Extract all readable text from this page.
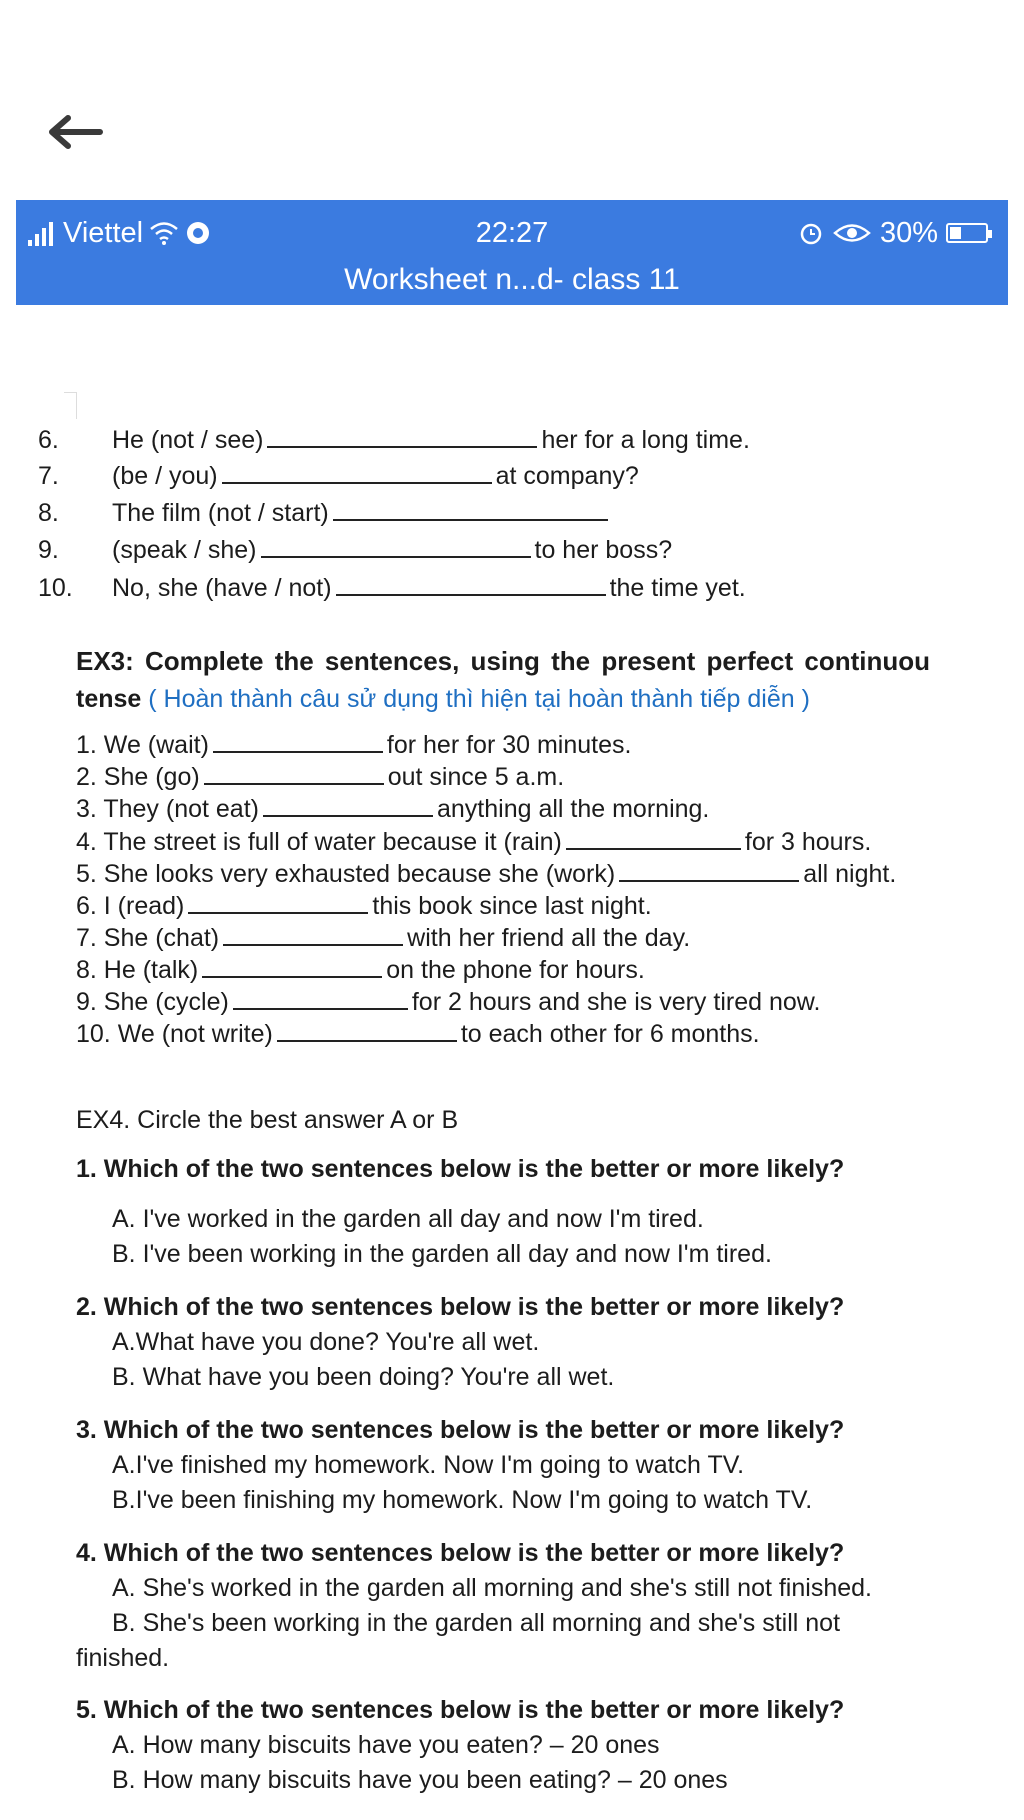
Viettel	22:27	30%
Worksheet n...d- class 11
6. He (not / see)	her for a long time.
7. (be / you)	at company?
8. The film (not / start)
9. (speak / she)	to her boss?
10. No, she (have / not)	the time yet.
EX3: Complete the sentences, using the present perfect continuou
tense ( Hoàn thành câu sử dụng thì hiện tại hoàn thành tiếp diễn )
1. We (wait)	for her for 30 minutes.
2. She (go)	out since 5 a.m.
3. They (not eat)	anything all the morning.
4. The street is full of water because it (rain)	for 3 hours.
5. She looks very exhausted because she (work)	all night.
6. I (read)	this book since last night.
7. She (chat)	with her friend all the day.
8. He (talk)	on the phone for hours.
9. She (cycle)	for 2 hours and she is very tired now.
10. We (not write)	to each other for 6 months.
EX4. Circle the best answer A or B
1. Which of the two sentences below is the better or more likely?
A. I've worked in the garden all day and now I'm tired.
B. I've been working in the garden all day and now I'm tired.
2. Which of the two sentences below is the better or more likely?
A.What have you done? You're all wet.
B. What have you been doing? You're all wet.
3. Which of the two sentences below is the better or more likely?
A.I've finished my homework. Now I'm going to watch TV.
B.I've been finishing my homework. Now I'm going to watch TV.
4. Which of the two sentences below is the better or more likely?
A. She's worked in the garden all morning and she's still not finished.
B. She's been working in the garden all morning and she's still not
finished.
5. Which of the two sentences below is the better or more likely?
A. How many biscuits have you eaten? – 20 ones
B. How many biscuits have you been eating? – 20 ones
